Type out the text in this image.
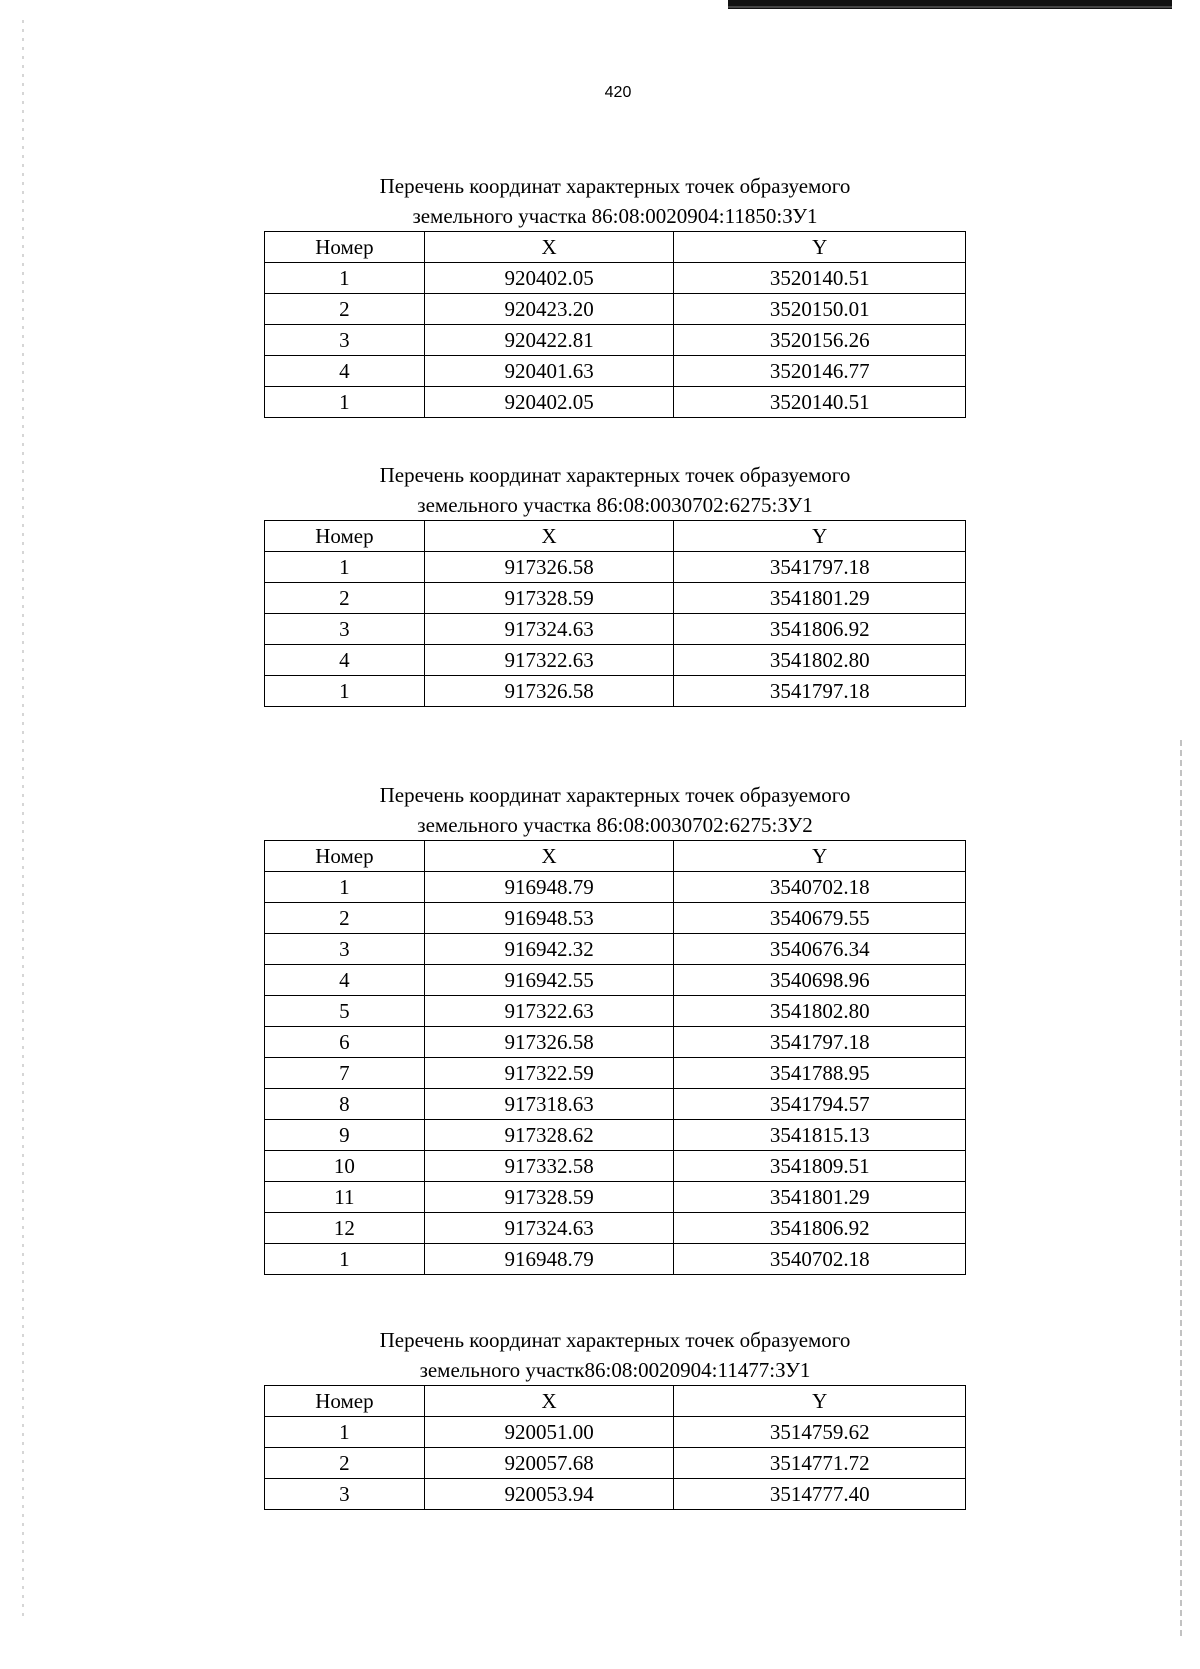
420

Перечень координат характерных точек образуемого

земельного участка 86:08:0020904:11850:ЗУ1

Номер	X	Y
1	920402.05	3520140.51
2	920423.20	3520150.01
3	920422.81	3520156.26
4	920401.63	3520146.77
1	920402.05	3520140.51

Перечень координат характерных точек образуемого

земельного участка 86:08:0030702:6275:ЗУ1

Номер	X	Y
1	917326.58	3541797.18
2	917328.59	3541801.29
3	917324.63	3541806.92
4	917322.63	3541802.80
1	917326.58	3541797.18

Перечень координат характерных точек образуемого

земельного участка 86:08:0030702:6275:ЗУ2

Номер	X	Y
1	916948.79	3540702.18
2	916948.53	3540679.55
3	916942.32	3540676.34
4	916942.55	3540698.96
5	917322.63	3541802.80
6	917326.58	3541797.18
7	917322.59	3541788.95
8	917318.63	3541794.57
9	917328.62	3541815.13
10	917332.58	3541809.51
11	917328.59	3541801.29
12	917324.63	3541806.92
1	916948.79	3540702.18

Перечень координат характерных точек образуемого

земельного участк86:08:0020904:11477:ЗУ1

Номер	X	Y
1	920051.00	3514759.62
2	920057.68	3514771.72
3	920053.94	3514777.40
